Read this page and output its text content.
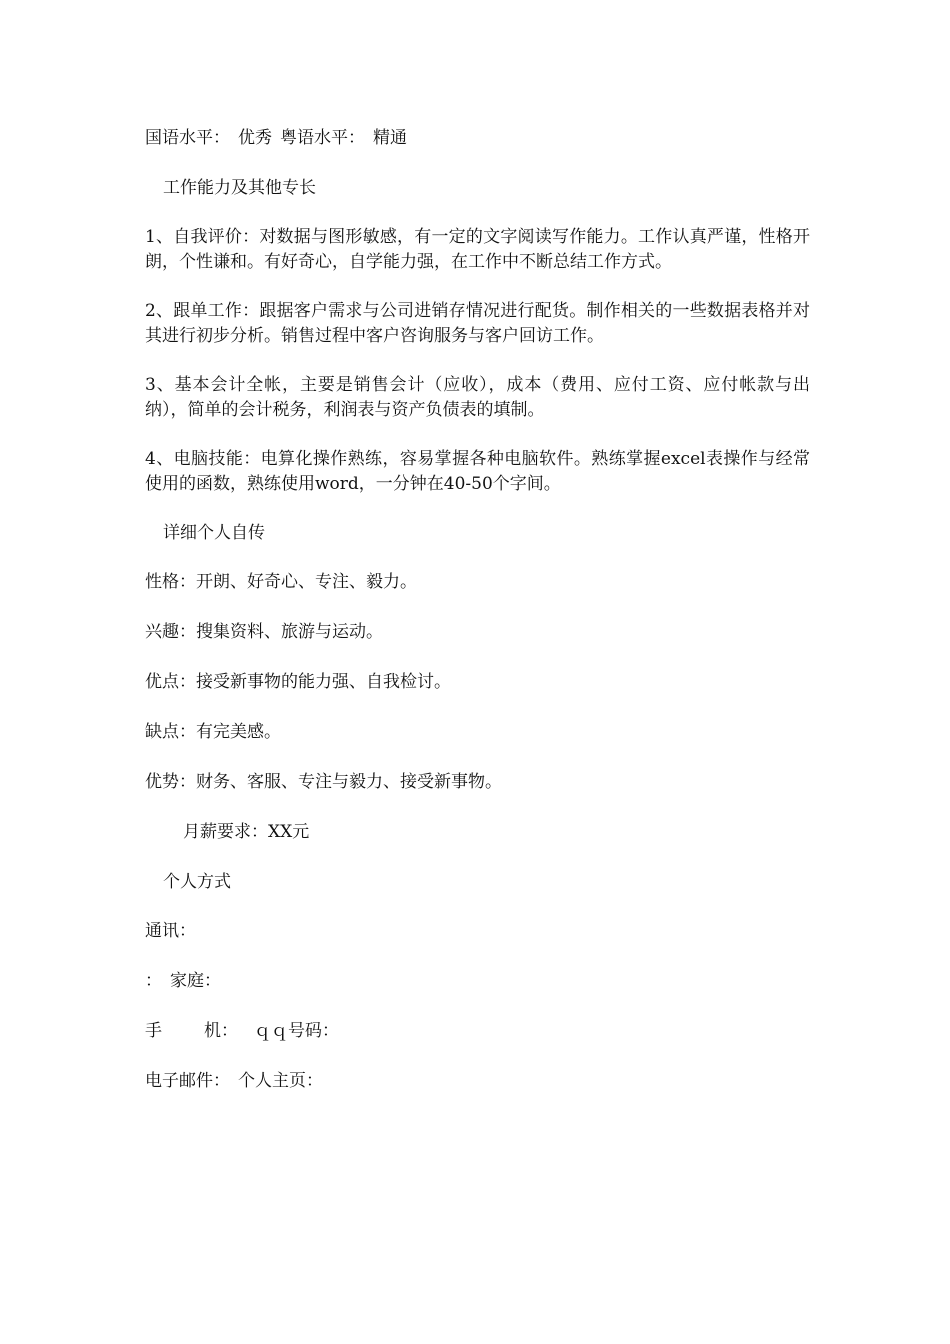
国语水平： 优秀 粤语水平： 精通

工作能力及其他专长

1、自我评价：对数据与图形敏感，有一定的文字阅读写作能力。工作认真严谨，性格开朗，个性谦和。有好奇心，自学能力强，在工作中不断总结工作方式。

2、跟单工作：跟据客户需求与公司进销存情况进行配货。制作相关的一些数据表格并对其进行初步分析。销售过程中客户咨询服务与客户回访工作。

3、基本会计全帐，主要是销售会计（应收），成本（费用、应付工资、应付帐款与出纳），简单的会计税务，利润表与资产负债表的填制。

4、电脑技能：电算化操作熟练，容易掌握各种电脑软件。熟练掌握excel表操作与经常使用的函数，熟练使用word，一分钟在40-50个字间。

详细个人自传

性格：开朗、好奇心、专注、毅力。

兴趣：搜集资料、旅游与运动。

优点：接受新事物的能力强、自我检讨。

缺点：有完美感。

优势：财务、客服、专注与毅力、接受新事物。

月薪要求：XX元

个人方式

通讯：

： 家庭：

手 机： ｑｑ号码：

电子邮件： 个人主页：
